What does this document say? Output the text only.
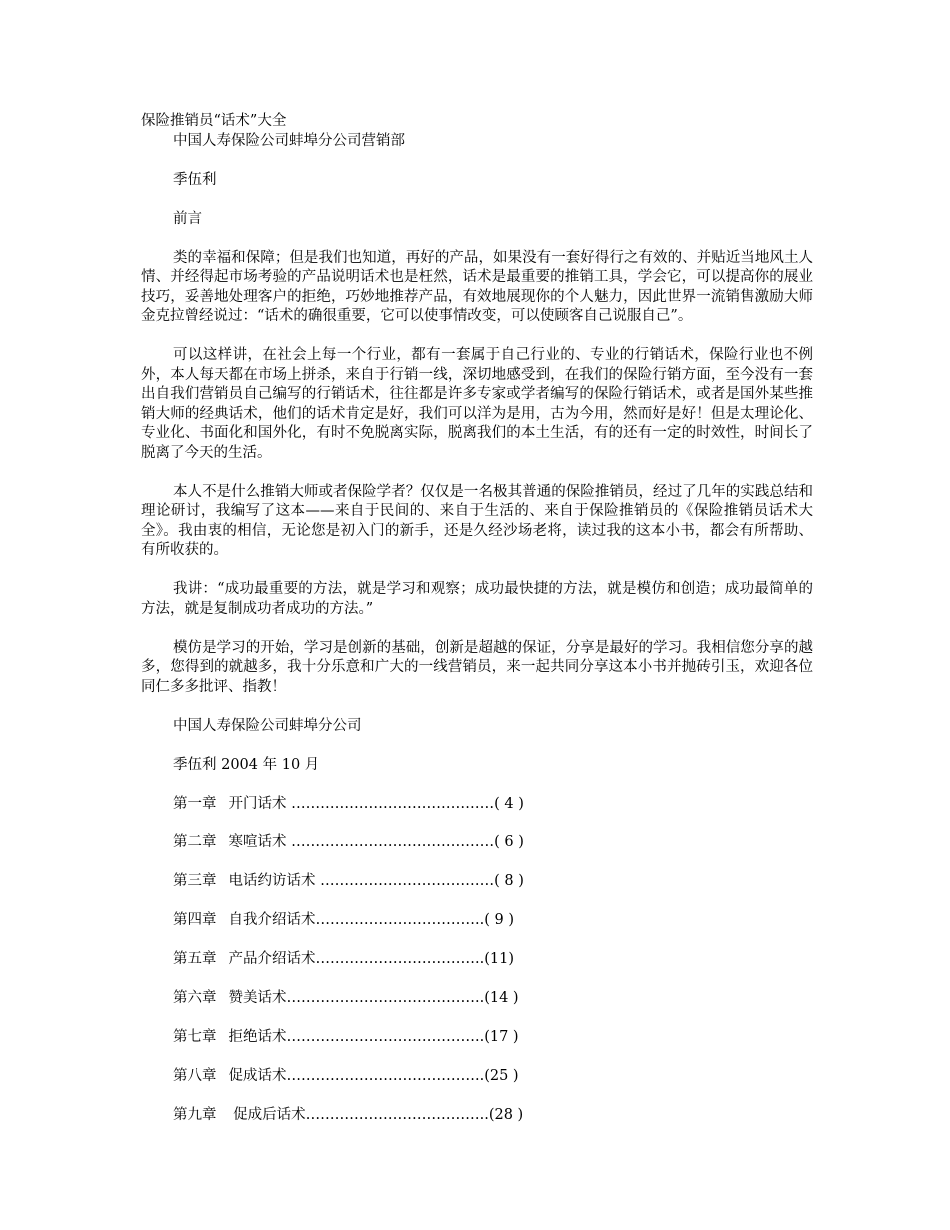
保险推销员“话术”大全

中国人寿保险公司蚌埠分公司营销部

季伍利

前言

类的幸福和保障；但是我们也知道，再好的产品，如果没有一套好得行之有效的、并贴近当地风土人情、并经得起市场考验的产品说明话术也是枉然，话术是最重要的推销工具，学会它，可以提高你的展业技巧，妥善地处理客户的拒绝，巧妙地推荐产品，有效地展现你的个人魅力，因此世界一流销售激励大师金克拉曾经说过：“话术的确很重要，它可以使事情改变，可以使顾客自己说服自己”。

可以这样讲，在社会上每一个行业，都有一套属于自己行业的、专业的行销话术，保险行业也不例外，本人每天都在市场上拼杀，来自于行销一线，深切地感受到，在我们的保险行销方面，至今没有一套出自我们营销员自己编写的行销话术，往往都是许多专家或学者编写的保险行销话术，或者是国外某些推销大师的经典话术，他们的话术肯定是好，我们可以洋为是用，古为今用，然而好是好！但是太理论化、专业化、书面化和国外化，有时不免脱离实际，脱离我们的本土生活，有的还有一定的时效性，时间长了脱离了今天的生活。

本人不是什么推销大师或者保险学者？仅仅是一名极其普通的保险推销员，经过了几年的实践总结和理论研讨，我编写了这本——来自于民间的、来自于生活的、来自于保险推销员的《保险推销员话术大全》。我由衷的相信，无论您是初入门的新手，还是久经沙场老将，读过我的这本小书，都会有所帮助、有所收获的。

我讲：“成功最重要的方法，就是学习和观察；成功最快捷的方法，就是模仿和创造；成功最简单的方法，就是复制成功者成功的方法。”

模仿是学习的开始，学习是创新的基础，创新是超越的保证，分享是最好的学习。我相信您分享的越多，您得到的就越多，我十分乐意和广大的一线营销员，来一起共同分享这本小书并抛砖引玉，欢迎各位同仁多多批评、指教！

中国人寿保险公司蚌埠分公司

季伍利 2004 年 10 月

第一章 开门话术 ……………………………………( 4 )
第二章 寒喧话术 ……………………………………( 6 )
第三章 电话约访话术 ………………………………( 8 )
第四章 自我介绍话术……………………………..( 9 )
第五章 产品介绍话术……………………………..(11)
第六章 赞美话术…………………………………..(14 )
第七章 拒绝话术…………………………………..(17 )
第八章 促成话术…………………………………..(25 )
第九章 促成后话术………………………………..(28 )
